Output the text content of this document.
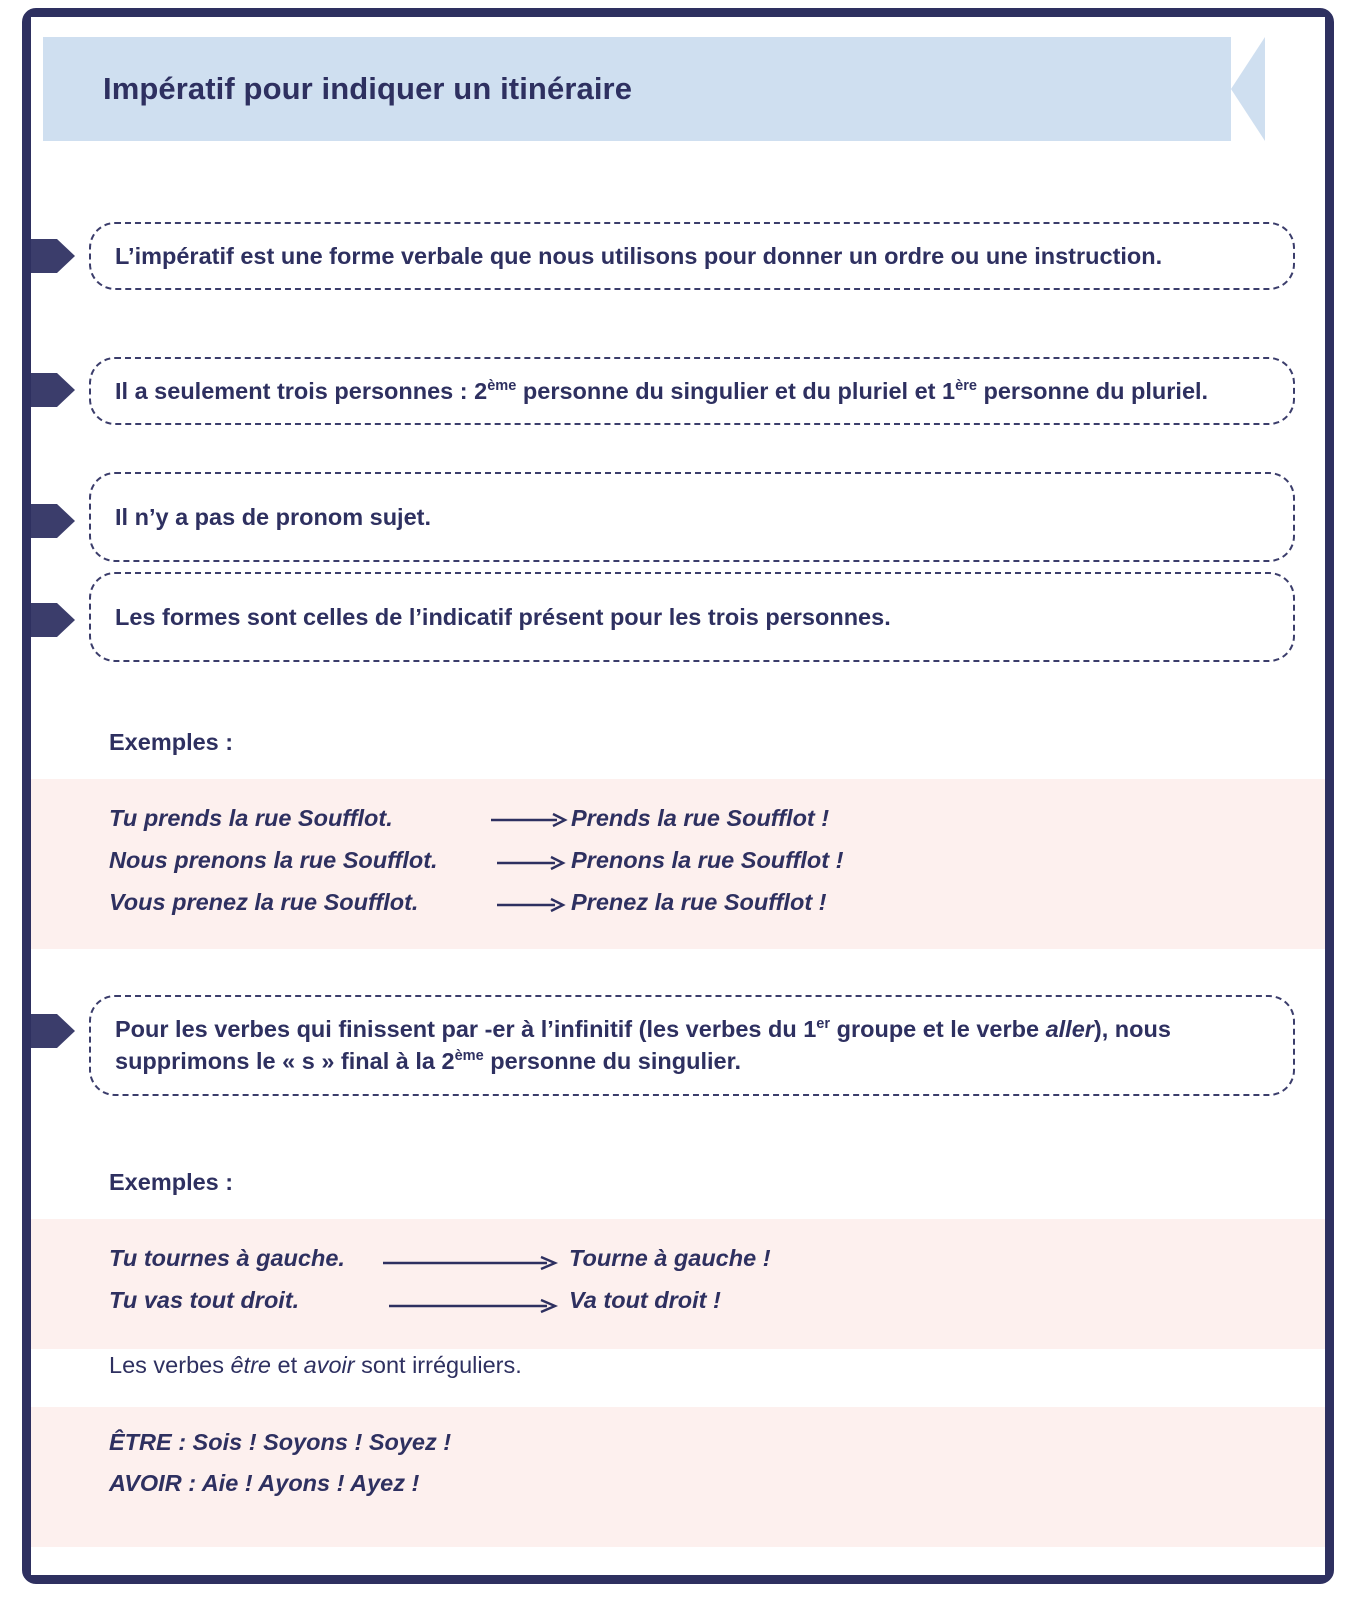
Impératif pour indiquer un itinéraire
L’impératif est une forme verbale que nous utilisons pour donner un ordre ou une instruction.
Il a seulement trois personnes : 2ème personne du singulier et du pluriel et 1ère personne du pluriel.
Il n’y a pas de pronom sujet.
Les formes sont celles de l’indicatif présent pour les trois personnes.
Exemples :
Tu prends la rue Soufflot.	Prends la rue Soufflot !
Nous prenons la rue Soufflot.	Prenons la rue Soufflot !
Vous prenez la rue Soufflot.	Prenez la rue Soufflot !
Pour les verbes qui finissent par -er à l’infinitif (les verbes du 1er groupe et le verbe aller), nous supprimons le « s » final à la 2ème personne du singulier.
Exemples :
Tu tournes à gauche.	Tourne à gauche !
Tu vas tout droit.	Va tout droit !
Les verbes être et avoir sont irréguliers.
ÊTRE : Sois ! Soyons ! Soyez !
AVOIR : Aie ! Ayons ! Ayez !
